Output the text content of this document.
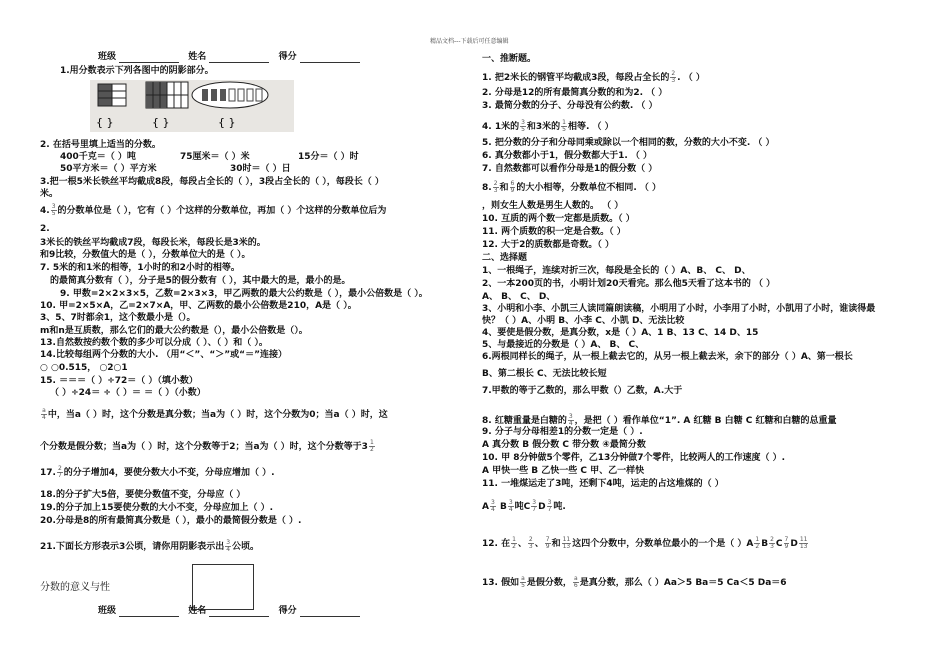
精品文档---下载后可任意编辑
班级	姓名	得分
1.用分数表示下列各图中的阴影部分。
{ }	{ }	{ }
2. 在括号里填上适当的分数。
400千克＝（ ）吨	75厘米＝（ ）米	15分＝（ ）时
50平方米＝（ ）平方米	30时＝（ ）日
3.把一根5米长铁丝平均截成8段，每段占全长的（ ），3段占全长的（ ），每段长（ ）
米。
4. $\frac{3}{5}$ 的分数单位是（ ），它有（ ）个这样的分数单位，再加（ ）个这样的分数单位后为
2.
3米长的铁丝平均截成7段，每段长米，每段长是3米的。
和9比较，分数值大的是（ ），分数单位大的是（ ）。
7. 5米的和1米的相等，1小时的和2小时的相等。
的最简真分数有（ ），分子是5的假分数有（ ），其中最大的是，最小的是。
9. 甲数=2×2×3×5，乙数=2×3×3，甲乙两数的最大公约数是（ ），最小公倍数是（ ）。
10. 甲=2×5×A，乙=2×7×A，甲、乙两数的最小公倍数是210，A是（ ）。
3、5、7时都余1，这个数最小是（）。
m和n是互质数，那么它们的最大公约数是（），最小公倍数是（）。
13.自然数按约数个数的多少可以分成（ ）、（ ）和（ ）。
14.比较每组两个分数的大小. （用“＜”、“＞”或“＝”连接）
○ ○0.515， ○2○1
15. ＝＝＝（ ）÷72＝（ ）（填小数）
（ ）÷24＝ ÷（ ）＝ ＝（ ）（小数）
$\frac{a}{4}$ 中，当a（ ）时，这个分数是真分数；当a为（ ）时，这个分数为0；当a（ ）时，这
个分数是假分数；当a为（ ）时，这个分数等于2；当a为（ ）时，这个分数等于$3 \frac{1}{2}$
17. $\frac{2}{7}$ 的分子增加4，要使分数大小不变，分母应增加（ ）.
18.的分子扩大5倍，要使分数值不变，分母应（ ）
19.的分子加上15要使分数的大小不变，分母应加上（ ）.
20.分母是8的所有最简真分数是（ ），最小的最简假分数是（ ）.
21.下面长方形表示3公顷，请你用阴影表示出 $\frac{3}{4}$ 公顷。
分数的意义与性
班级	姓名	得分
一、推断题。
1. 把2米长的钢管平均截成3段，每段占全长的 $\frac{2}{3}$ . （ ）
2. 分母是12的所有最简真分数的和为2. （ ）
3. 最简分数的分子、分母没有公约数. （ ）
4. 1米的 $\frac{3}{5}$ 和3米的 $\frac{1}{5}$ 相等. （ ）
5. 把分数的分子和分母同乘或除以一个相同的数，分数的大小不变. （ ）
6. 真分数都小于1，假分数都大于1. （ ）
7. 自然数都可以看作分母是1的假分数（ ）
8. $\frac{2}{3}$ 和 $\frac{6}{9}$ 的大小相等，分数单位不相同. （ ）
，则女生人数是男生人数的。 （ ）
10. 互质的两个数一定都是质数。（ ）
11. 两个质数的积一定是合数。（ ）
12. 大于2的质数都是奇数。（ ）
二、选择题
1、一根绳子，连续对折三次，每段是全长的（ ）A、B、 C、 D、
2、一本200页的书，小明计划20天看完。那么他5天看了这本书的 （ ）
A、 B、 C、 D、
3、小明和小李、小凯三人读同篇朗读稿，小明用了小时，小李用了小时，小凯用了小时，谁读得最
快？（ ）A、小明 B、小李 C、小凯 D、无法比较
4、要使是假分数，是真分数，x是（ ）A、1 B、13 C、14 D、15
5、与最接近的分数是（ ）A、 B、 C、
6.两根同样长的绳子，从一根上截去它的，从另一根上截去米，余下的部分（ ）A、第一根长
B、第二根长 C、无法比较长短
7.甲数的等于乙数的，那么甲数（）乙数，A.大于
8. 红糖重量是白糖的 $\frac{3}{4}$ ，是把（ ）看作单位“1”. A 红糖 B 白糖 C 红糖和白糖的总重量
9. 分子与分母相差1的分数一定是（ ）.
A 真分数 B 假分数 C 带分数 ④最简分数
10. 甲 8分钟做5个零件，乙13分钟做7个零件，比较两人的工作速度（ ）.
A 甲快一些 B 乙快一些 C 甲、乙一样快
11. 一堆煤运走了3吨，还剩下4吨，运走的占这堆煤的（ ）
A $\frac{3}{4}$ B $\frac{3}{4}$ 吨C $\frac{3}{7}$ D $\frac{3}{7}$ 吨.
12. 在 $\frac{1}{2}$ 、 $\frac{2}{3}$ 、 $\frac{7}{9}$ 和 $\frac{11}{13}$ 这四个分数中，分数单位最小的一个是（ ）$A \frac{1}{2}$ B $\frac{2}{3}$ C $\frac{7}{9}$ D $\frac{11}{13}$
13. 假如 $\frac{a}{5}$ 是假分数， $\frac{a}{6}$ 是真分数，那么（ ）Aa＞5 Ba＝5 Ca＜5 Da＝6
